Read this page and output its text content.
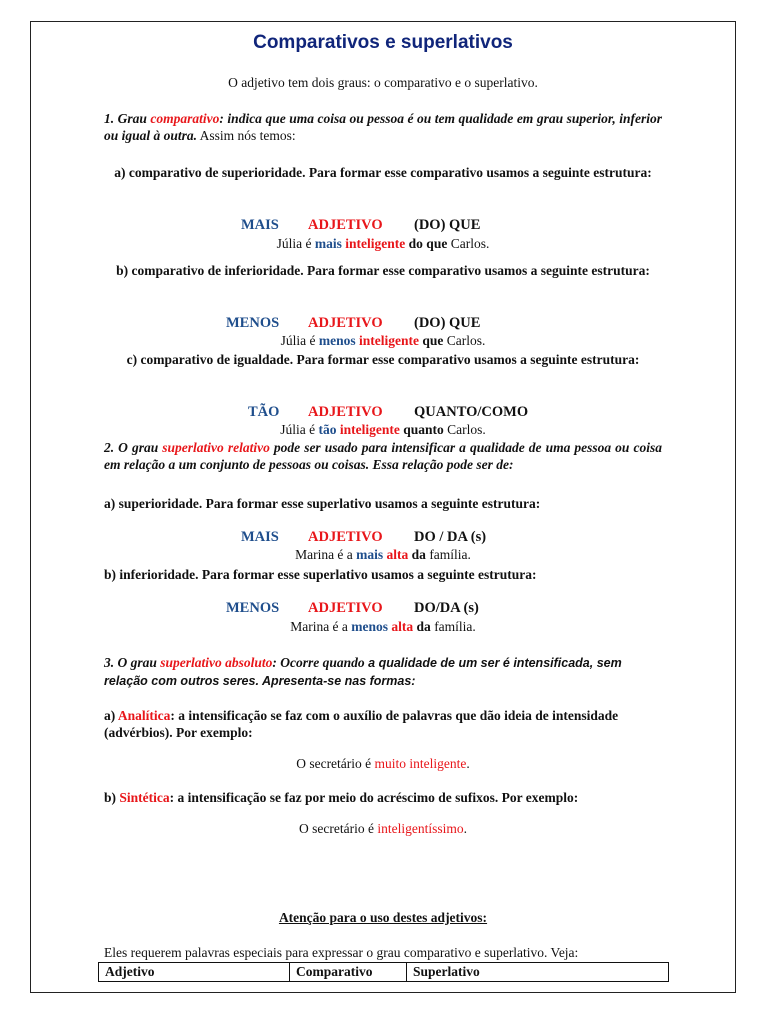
Comparativos e superlativos
O adjetivo tem dois graus: o comparativo e o superlativo.
1. Grau comparativo: indica que uma coisa ou pessoa é ou tem qualidade em grau superior, inferior ou igual à outra. Assim nós temos:
a) comparativo de superioridade. Para formar esse comparativo usamos a seguinte estrutura:
MAIS ADJETIVO (DO) QUE
Júlia é mais inteligente do que Carlos.
b) comparativo de inferioridade. Para formar esse comparativo usamos a seguinte estrutura:
MENOS ADJETIVO (DO) QUE
Júlia é menos inteligente que Carlos.
c) comparativo de igualdade. Para formar esse comparativo usamos a seguinte estrutura:
TÃO ADJETIVO QUANTO/COMO
Júlia é tão inteligente quanto Carlos.
2. O grau superlativo relativo pode ser usado para intensificar a qualidade de uma pessoa ou coisa em relação a um conjunto de pessoas ou coisas. Essa relação pode ser de:
a) superioridade. Para formar esse superlativo usamos a seguinte estrutura:
MAIS ADJETIVO DO / DA (s)
Marina é a mais alta da família.
b) inferioridade. Para formar esse superlativo usamos a seguinte estrutura:
MENOS ADJETIVO DO/DA (s)
Marina é a menos alta da família.
3. O grau superlativo absoluto: Ocorre quando a qualidade de um ser é intensificada, sem relação com outros seres. Apresenta-se nas formas:
a) Analítica: a intensificação se faz com o auxílio de palavras que dão ideia de intensidade (advérbios). Por exemplo:
O secretário é muito inteligente.
b) Sintética: a intensificação se faz por meio do acréscimo de sufixos. Por exemplo:
O secretário é inteligentíssimo.
Atenção para o uso destes adjetivos:
Eles requerem palavras especiais para expressar o grau comparativo e superlativo. Veja:
Adjetivo	Comparativo	Superlativo
